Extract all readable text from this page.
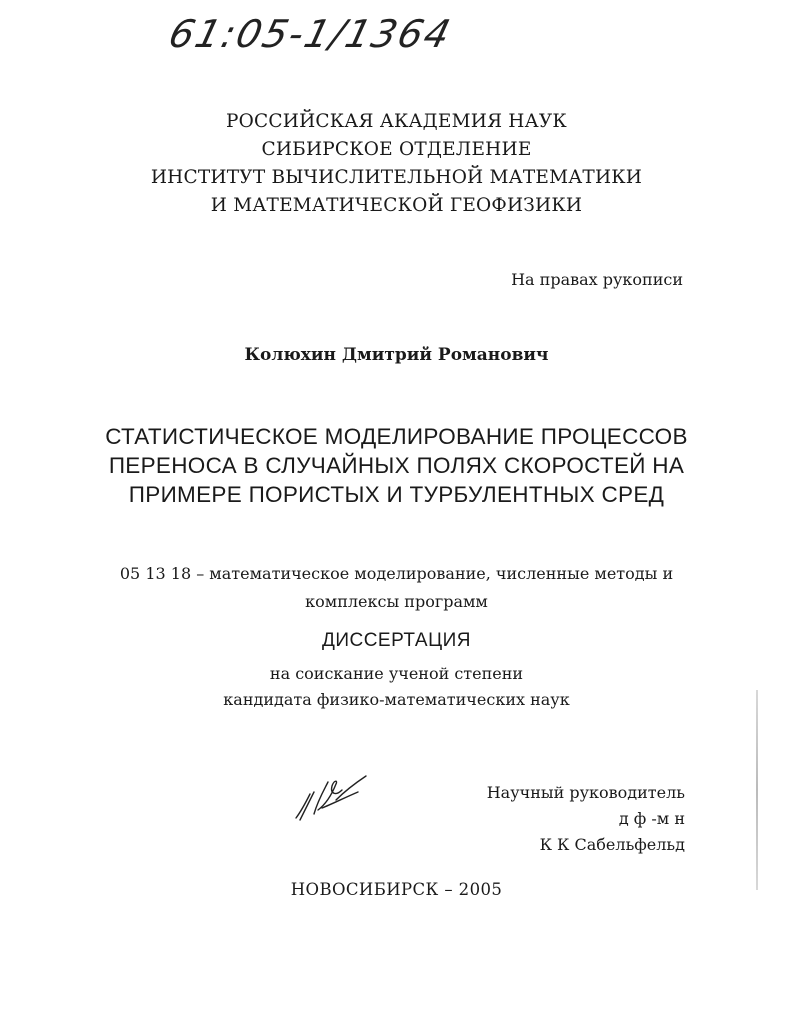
61:05-1/1364
РОССИЙСКАЯ АКАДЕМИЯ НАУК
СИБИРСКОЕ ОТДЕЛЕНИЕ
ИНСТИТУТ ВЫЧИСЛИТЕЛЬНОЙ МАТЕМАТИКИ
И МАТЕМАТИЧЕСКОЙ ГЕОФИЗИКИ
На правах рукописи
Колюхин Дмитрий Романович
СТАТИСТИЧЕСКОЕ МОДЕЛИРОВАНИЕ ПРОЦЕССОВ
ПЕРЕНОСА В СЛУЧАЙНЫХ ПОЛЯХ СКОРОСТЕЙ НА
ПРИМЕРЕ ПОРИСТЫХ И ТУРБУЛЕНТНЫХ СРЕД
05 13 18 – математическое моделирование, численные методы и
комплексы программ
ДИССЕРТАЦИЯ
на соискание ученой степени
кандидата физико-математических наук
Научный руководитель
д ф -м н
К К Сабельфельд
НОВОСИБИРСК – 2005
